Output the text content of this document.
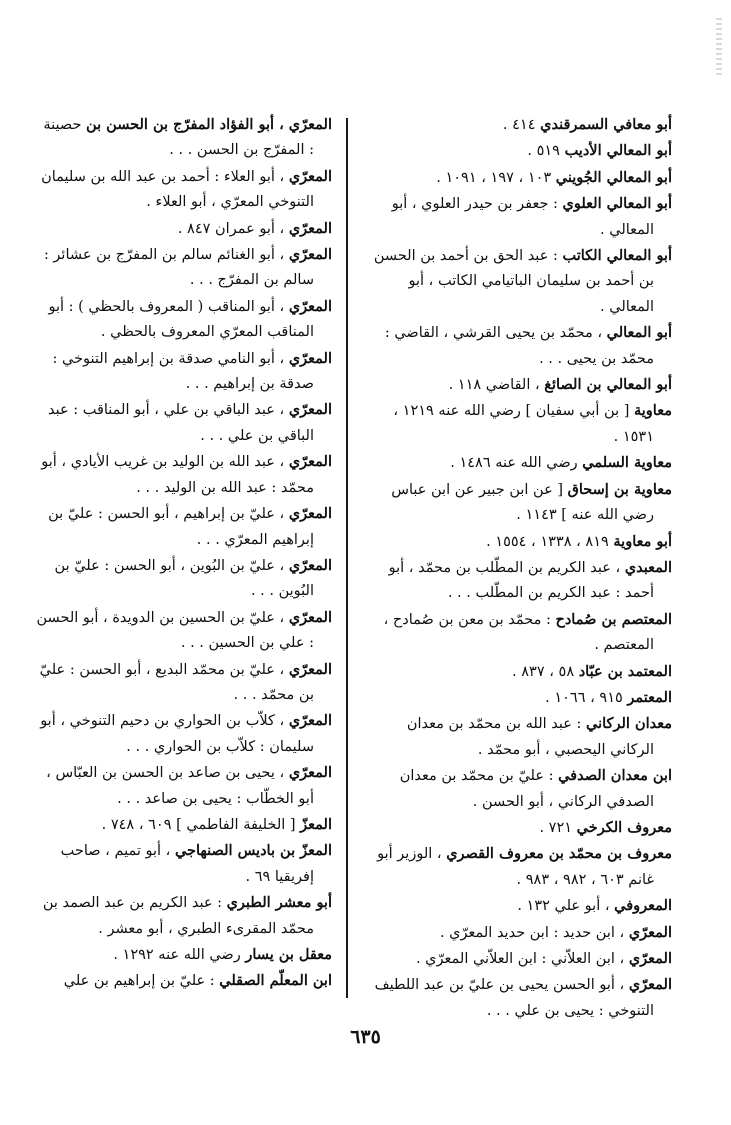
أبو معافي السمرقندي ٤١٤ .

أبو المعالي الأديب ٥١٩ .

أبو المعالي الجُويني ١٠٣ ، ١٩٧ ، ١٠٩١ .

أبو المعالي العلوي : جعفر بن حيدر العلوي ، أبو المعالي .

أبو المعالي الكاتب : عبد الحق بن أحمد بن الحسن بن أحمد بن سليمان الباتيامي الكاتب ، أبو المعالي .

أبو المعالي ، محمّد بن يحيى القرشي ، القاضي : محمّد بن يحيى . . .

أبو المعالي بن الصائغ ، القاضي ١١٨ .

معاوية [ بن أبي سفيان ] رضي الله عنه ١٢١٩ ، ١٥٣١ .

معاوية السلمي رضي الله عنه ١٤٨٦ .

معاوية بن إسحاق [ عن ابن جبير عن ابن عباس رضي الله عنه ] ١١٤٣ .

أبو معاوية ٨١٩ ، ١٣٣٨ ، ١٥٥٤ .

المعبدي ، عبد الكريم بن المطّلب بن محمّد ، أبو أحمد : عبد الكريم بن المطّلب . . .

المعتصم بن صُمادح : محمّد بن معن بن صُمادح ، المعتصم .

المعتمد بن عبّاد ٥٨ ، ٨٣٧ .

المعتمر ٩١٥ ، ١٠٦٦ .

معدان الركاني : عبد الله بن محمّد بن معدان الركاني اليحصبي ، أبو محمّد .

ابن معدان الصدفي : عليّ بن محمّد بن معدان الصدفي الركاني ، أبو الحسن .

معروف الكرخي ٧٢١ .

معروف بن محمّد بن معروف القصري ، الوزير أبو غانم ٦٠٣ ، ٩٨٢ ، ٩٨٣ .

المعروفي ، أبو علي ١٣٢ .

المعرّي ، ابن حديد : ابن حديد المعرّي .

المعرّي ، ابن العلاّني : ابن العلاّني المعرّي .

المعرّي ، أبو الحسن يحيى بن عليّ بن عبد اللطيف التنوخي : يحيى بن علي . . .

المعرّي ، أبو الفؤاد المفرّج بن الحسن بن حصينة : المفرّج بن الحسن . . .

المعرّي ، أبو العلاء : أحمد بن عبد الله بن سليمان التنوخي المعرّي ، أبو العلاء .

المعرّي ، أبو عمران ٨٤٧ .

المعرّي ، أبو الغنائم سالم بن المفرّج بن عشائر : سالم بن المفرّج . . .

المعرّي ، أبو المناقب ( المعروف بالحظي ) : أبو المناقب المعرّي المعروف بالحظي .

المعرّي ، أبو النامي صدقة بن إبراهيم التنوخي : صدقة بن إبراهيم . . .

المعرّي ، عبد الباقي بن علي ، أبو المناقب : عبد الباقي بن علي . . .

المعرّي ، عبد الله بن الوليد بن غريب الأيادي ، أبو محمّد : عبد الله بن الوليد . . .

المعرّي ، عليّ بن إبراهيم ، أبو الحسن : عليّ بن إبراهيم المعرّي . . .

المعرّي ، عليّ بن البُوين ، أبو الحسن : عليّ بن البُوين . . .

المعرّي ، عليّ بن الحسين بن الدويدة ، أبو الحسن : علي بن الحسين . . .

المعرّي ، عليّ بن محمّد البديع ، أبو الحسن : عليّ بن محمّد . . .

المعرّي ، كلاّب بن الحواري بن دحيم التنوخي ، أبو سليمان : كلاّب بن الحواري . . .

المعرّي ، يحيى بن صاعد بن الحسن بن العبّاس ، أبو الخطّاب : يحيى بن صاعد . . .

المعزّ [ الخليفة الفاطمي ] ٦٠٩ ، ٧٤٨ .

المعزّ بن باديس الصنهاجي ، أبو تميم ، صاحب إفريقيا ٦٩ .

أبو معشر الطبري : عبد الكريم بن عبد الصمد بن محمّد المقرىء الطبري ، أبو معشر .

معقل بن يسار رضي الله عنه ١٢٩٢ .

ابن المعلّم الصقلي : عليّ بن إبراهيم بن علي

٦٣٥
